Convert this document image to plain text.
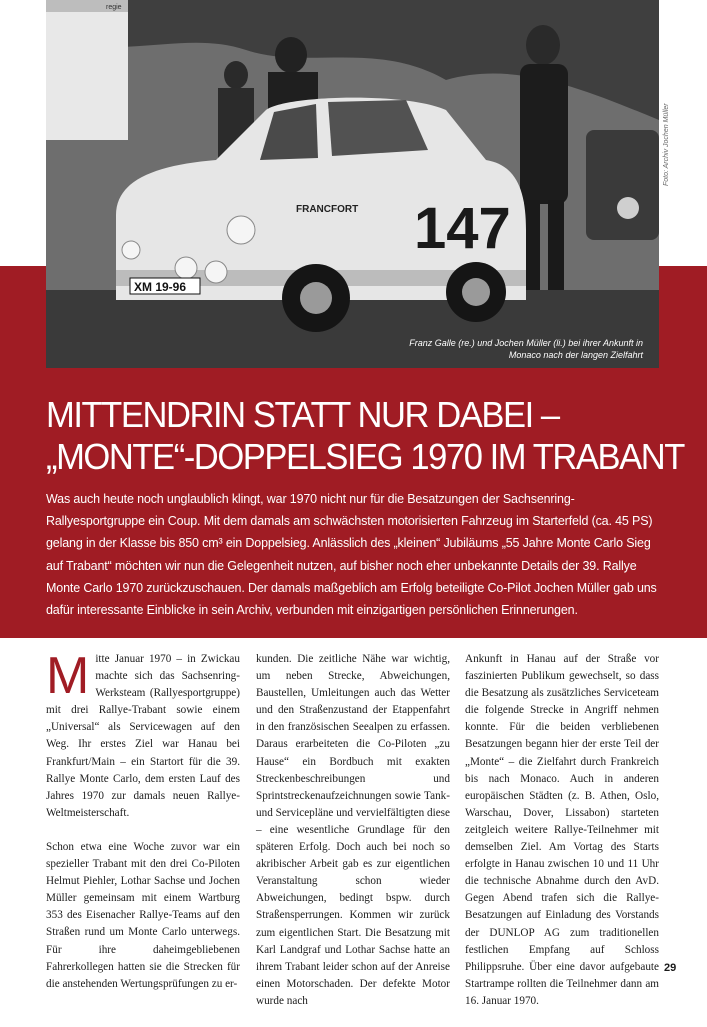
regie
XM 19-96
147
FRANCFORT
Franz Galle (re.) und Jochen Müller (li.) bei ihrer Ankunft in Monaco nach der langen Zielfahrt
Foto: Archiv Jochen Müller
MITTENDRIN STATT NUR DABEI –
„MONTE“-DOPPELSIEG 1970 IM TRABANT

Was auch heute noch unglaublich klingt, war 1970 nicht nur für die Besatzungen der Sachsenring-Rallyesportgruppe ein Coup. Mit dem damals am schwächsten motorisierten Fahrzeug im Starterfeld (ca. 45 PS) gelang in der Klasse bis 850 cm³ ein Doppelsieg. Anlässlich des „kleinen“ Jubiläums „55 Jahre Monte Carlo Sieg auf Trabant“ möchten wir nun die Gelegenheit nutzen, auf bisher noch eher unbekannte Details der 39. Rallye Monte Carlo 1970 zurückzuschauen. Der damals maßgeblich am Erfolg beteiligte Co-Pilot Jochen Müller gab uns dafür interessante Einblicke in sein Archiv, verbunden mit einzigartigen persönlichen Erinnerungen.

Mitte Januar 1970 – in Zwickau machte sich das Sachsenring-Werksteam (Rallyesportgruppe) mit drei Rallye-Trabant sowie einem „Universal“ als Servicewagen auf den Weg. Ihr erstes Ziel war Hanau bei Frankfurt/Main – ein Startort für die 39. Rallye Monte Carlo, dem ersten Lauf des Jahres 1970 zur damals neuen Rallye-Weltmeisterschaft.

Schon etwa eine Woche zuvor war ein spezieller Trabant mit den drei Co-Piloten Helmut Piehler, Lothar Sachse und Jochen Müller gemeinsam mit einem Wartburg 353 des Eisenacher Rallye-Teams auf den Straßen rund um Monte Carlo unterwegs. Für ihre daheimgebliebenen Fahrerkollegen hatten sie die Strecken für die anstehenden Wertungsprüfungen zu er-

kunden. Die zeitliche Nähe war wichtig, um neben Strecke, Abweichungen, Baustellen, Umleitungen auch das Wetter und den Straßenzustand der Etappenfahrt in den französischen Seealpen zu erfassen. Daraus erarbeiteten die Co-Piloten „zu Hause“ ein Bordbuch mit exakten Streckenbeschreibungen und Sprintstreckenaufzeichnungen sowie Tank- und Servicepläne und vervielfältigten diese – eine wesentliche Grundlage für den späteren Erfolg. Doch auch bei noch so akribischer Arbeit gab es zur eigentlichen Veranstaltung schon wieder Abweichungen, bedingt bspw. durch Straßensperrungen. Kommen wir zurück zum eigentlichen Start. Die Besatzung mit Karl Landgraf und Lothar Sachse hatte an ihrem Trabant leider schon auf der Anreise einen Motorschaden. Der defekte Motor wurde nach

Ankunft in Hanau auf der Straße vor faszinierten Publikum gewechselt, so dass die Besatzung als zusätzliches Serviceteam die folgende Strecke in Angriff nehmen konnte. Für die beiden verbliebenen Besatzungen begann hier der erste Teil der „Monte“ – die Zielfahrt durch Frankreich bis nach Monaco. Auch in anderen europäischen Städten (z. B. Athen, Oslo, Warschau, Dover, Lissabon) starteten zeitgleich weitere Rallye-Teilnehmer mit demselben Ziel. Am Vortag des Starts erfolgte in Hanau zwischen 10 und 11 Uhr die technische Abnahme durch den AvD. Gegen Abend trafen sich die Rallye-Besatzungen auf Einladung des Vorstands der DUNLOP AG zum traditionellen festlichen Empfang auf Schloss Philippsruhe. Über eine davor aufgebaute Startrampe rollten die Teilnehmer dann am 16. Januar 1970.

29
